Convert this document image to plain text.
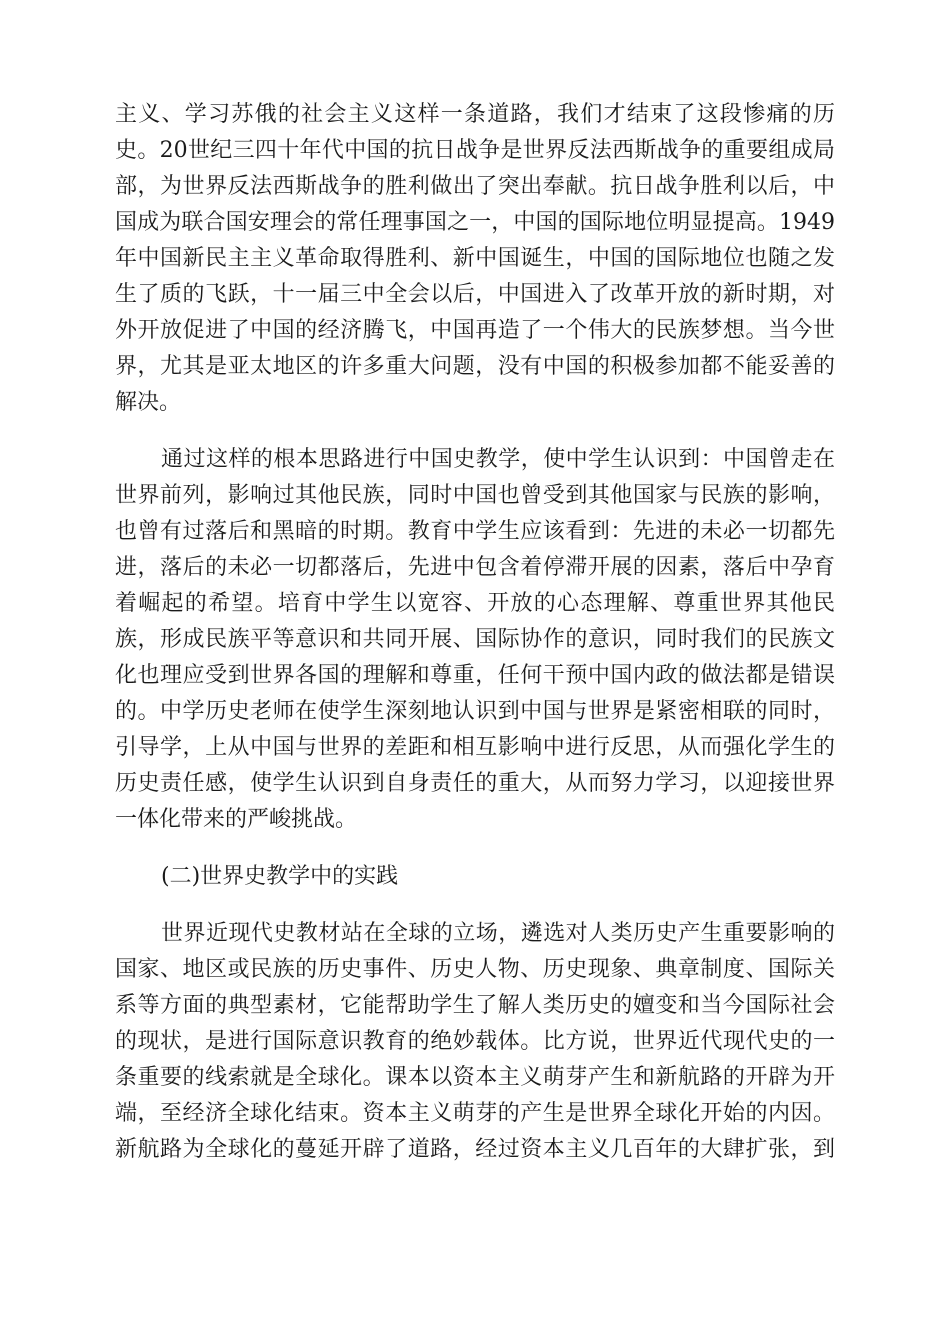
主义、学习苏俄的社会主义这样一条道路，我们才结束了这段惨痛的历
史。20世纪三四十年代中国的抗日战争是世界反法西斯战争的重要组成局
部，为世界反法西斯战争的胜利做出了突出奉献。抗日战争胜利以后，中
国成为联合国安理会的常任理事国之一，中国的国际地位明显提高。1949
年中国新民主主义革命取得胜利、新中国诞生，中国的国际地位也随之发
生了质的飞跃，十一届三中全会以后，中国进入了改革开放的新时期，对
外开放促进了中国的经济腾飞，中国再造了一个伟大的民族梦想。当今世
界，尤其是亚太地区的许多重大问题，没有中国的积极参加都不能妥善的
解决。
通过这样的根本思路进行中国史教学，使中学生认识到：中国曾走在
世界前列，影响过其他民族，同时中国也曾受到其他国家与民族的影响，
也曾有过落后和黑暗的时期。教育中学生应该看到：先进的未必一切都先
进，落后的未必一切都落后，先进中包含着停滞开展的因素，落后中孕育
着崛起的希望。培育中学生以宽容、开放的心态理解、尊重世界其他民
族，形成民族平等意识和共同开展、国际协作的意识，同时我们的民族文
化也理应受到世界各国的理解和尊重，任何干预中国内政的做法都是错误
的。中学历史老师在使学生深刻地认识到中国与世界是紧密相联的同时，
引导学，上从中国与世界的差距和相互影响中进行反思，从而强化学生的
历史责任感，使学生认识到自身责任的重大，从而努力学习，以迎接世界
一体化带来的严峻挑战。
(二)世界史教学中的实践
世界近现代史教材站在全球的立场，遴选对人类历史产生重要影响的
国家、地区或民族的历史事件、历史人物、历史现象、典章制度、国际关
系等方面的典型素材，它能帮助学生了解人类历史的嬗变和当今国际社会
的现状，是进行国际意识教育的绝妙载体。比方说，世界近代现代史的一
条重要的线索就是全球化。课本以资本主义萌芽产生和新航路的开辟为开
端，至经济全球化结束。资本主义萌芽的产生是世界全球化开始的内因。
新航路为全球化的蔓延开辟了道路，经过资本主义几百年的大肆扩张，到
